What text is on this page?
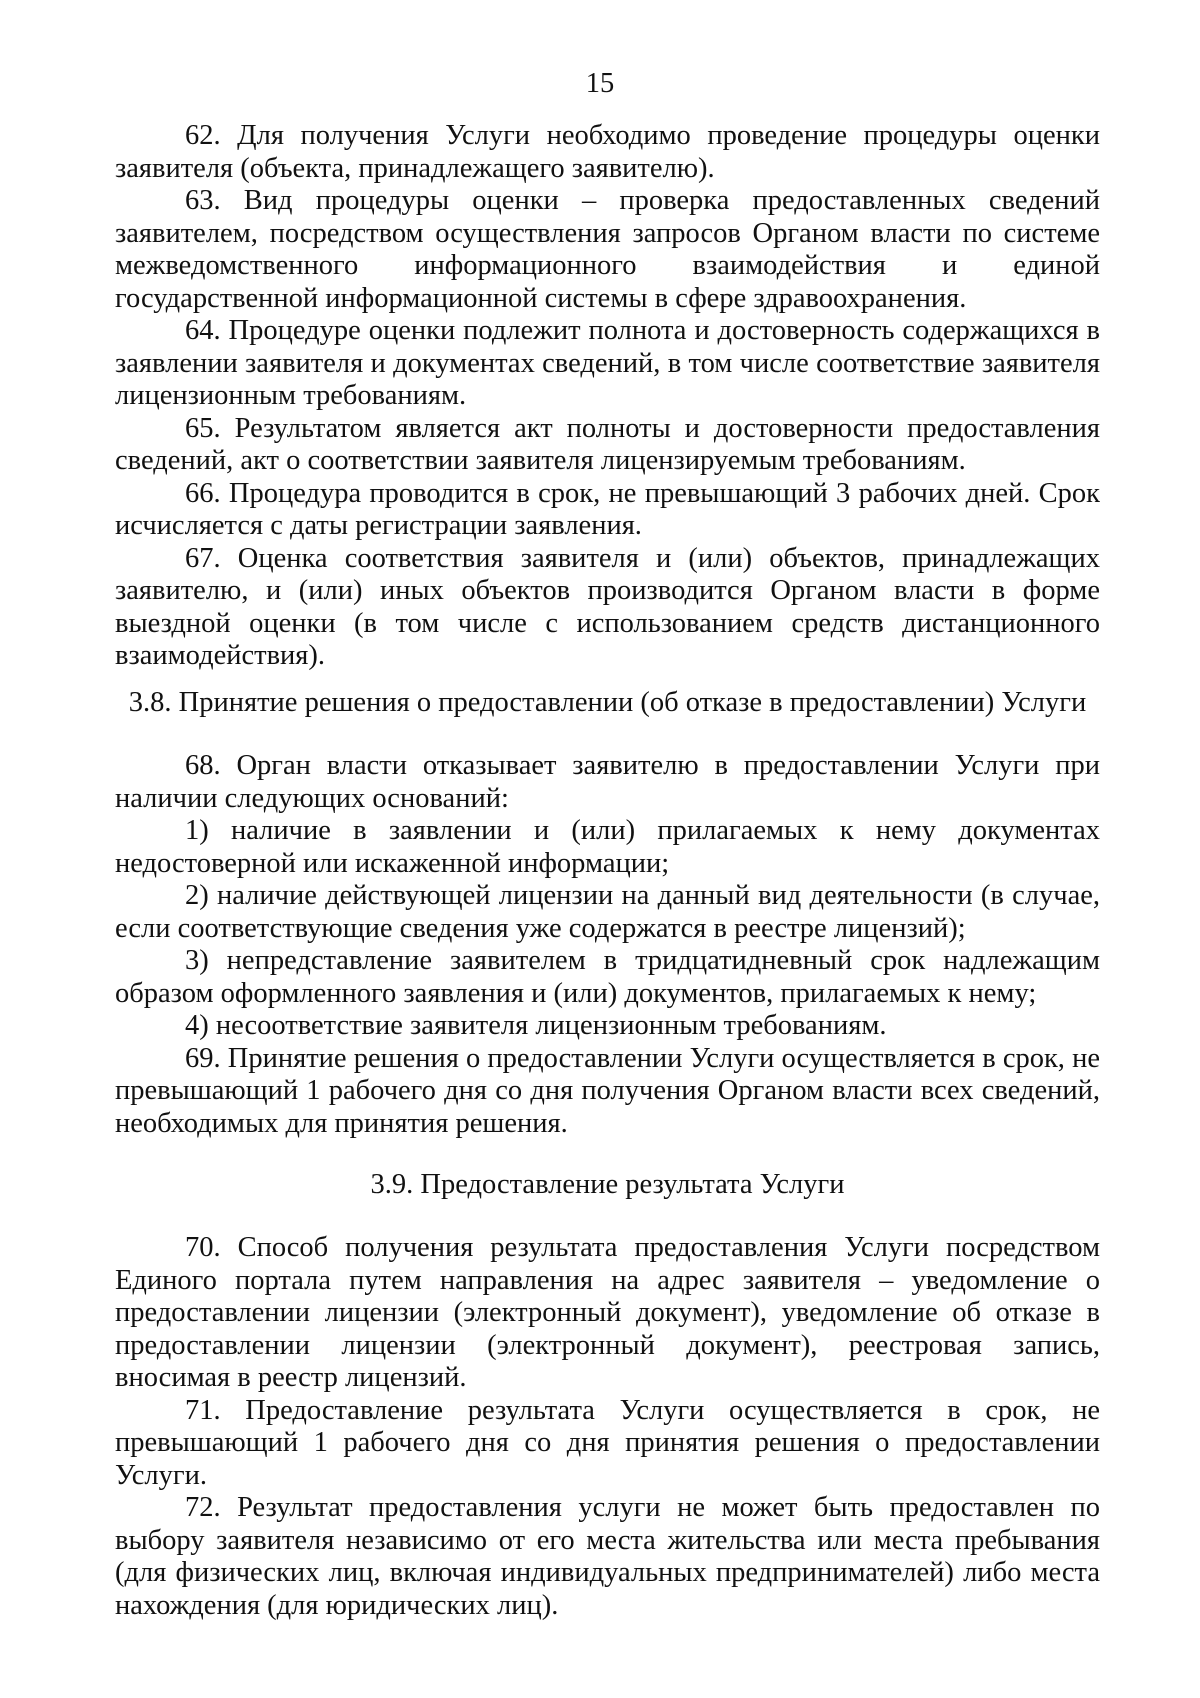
15

62. Для получения Услуги необходимо проведение процедуры оценки заявителя (объекта, принадлежащего заявителю).

63. Вид процедуры оценки – проверка предоставленных сведений заявителем, посредством осуществления запросов Органом власти по системе межведомственного информационного взаимодействия и единой государственной информационной системы в сфере здравоохранения.

64. Процедуре оценки подлежит полнота и достоверность содержащихся в заявлении заявителя и документах сведений, в том числе соответствие заявителя лицензионным требованиям.

65. Результатом является акт полноты и достоверности предоставления сведений, акт о соответствии заявителя лицензируемым требованиям.

66. Процедура проводится в срок, не превышающий 3 рабочих дней. Срок исчисляется с даты регистрации заявления.

67. Оценка соответствия заявителя и (или) объектов, принадлежащих заявителю, и (или) иных объектов производится Органом власти в форме выездной оценки (в том числе с использованием средств дистанционного взаимодействия).

3.8. Принятие решения о предоставлении (об отказе в предоставлении) Услуги

68. Орган власти отказывает заявителю в предоставлении Услуги при наличии следующих оснований:

1) наличие в заявлении и (или) прилагаемых к нему документах недостоверной или искаженной информации;

2) наличие действующей лицензии на данный вид деятельности (в случае, если соответствующие сведения уже содержатся в реестре лицензий);

3) непредставление заявителем в тридцатидневный срок надлежащим образом оформленного заявления и (или) документов, прилагаемых к нему;

4) несоответствие заявителя лицензионным требованиям.

69. Принятие решения о предоставлении Услуги осуществляется в срок, не превышающий 1 рабочего дня со дня получения Органом власти всех сведений, необходимых для принятия решения.

3.9. Предоставление результата Услуги

70. Способ получения результата предоставления Услуги посредством Единого портала путем направления на адрес заявителя – уведомление о предоставлении лицензии (электронный документ), уведомление об отказе в предоставлении лицензии (электронный документ), реестровая запись, вносимая в реестр лицензий.

71. Предоставление результата Услуги осуществляется в срок, не превышающий 1 рабочего дня со дня принятия решения о предоставлении Услуги.

72. Результат предоставления услуги не может быть предоставлен по выбору заявителя независимо от его места жительства или места пребывания (для физических лиц, включая индивидуальных предпринимателей) либо места нахождения (для юридических лиц).
